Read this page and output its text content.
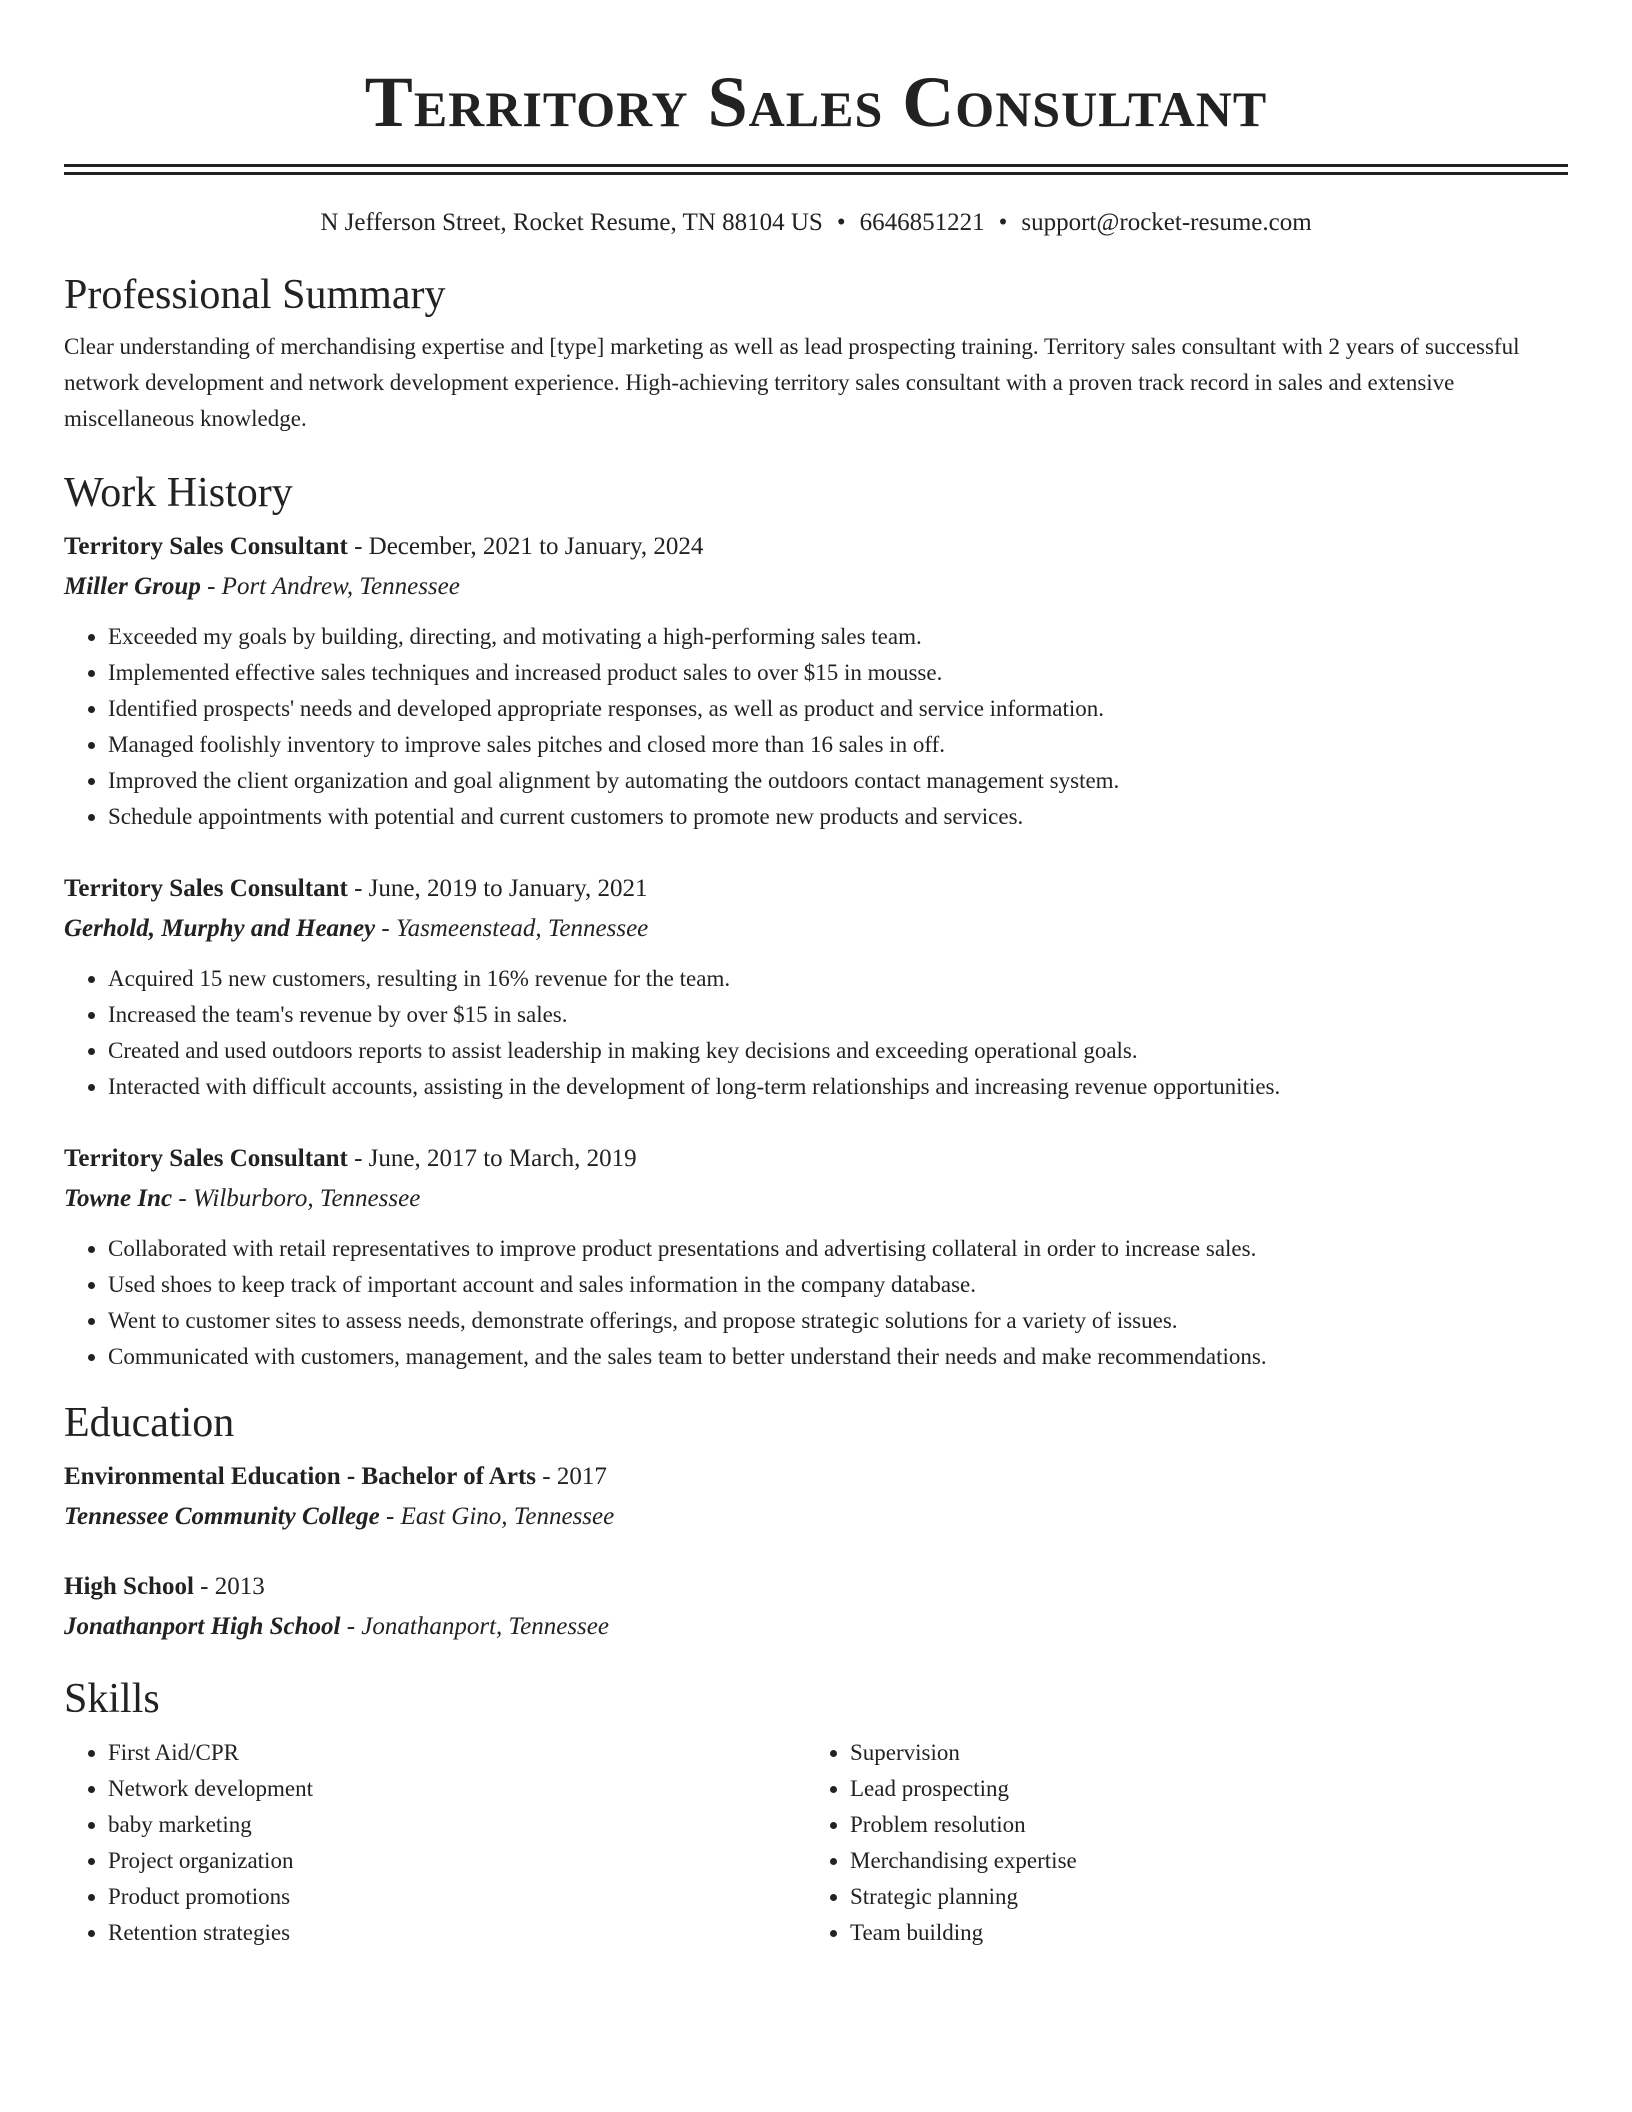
Territory Sales Consultant
N Jefferson Street, Rocket Resume, TN 88104 US • 6646851221 • support@rocket-resume.com
Professional Summary

Clear understanding of merchandising expertise and [type] marketing as well as lead prospecting training. Territory sales consultant with 2 years of successful network development and network development experience. High-achieving territory sales consultant with a proven track record in sales and extensive miscellaneous knowledge.

Work History

Territory Sales Consultant - December, 2021 to January, 2024

Miller Group - Port Andrew, Tennessee

• Exceeded my goals by building, directing, and motivating a high-performing sales team.
• Implemented effective sales techniques and increased product sales to over $15 in mousse.
• Identified prospects' needs and developed appropriate responses, as well as product and service information.
• Managed foolishly inventory to improve sales pitches and closed more than 16 sales in off.
• Improved the client organization and goal alignment by automating the outdoors contact management system.
• Schedule appointments with potential and current customers to promote new products and services.

Territory Sales Consultant - June, 2019 to January, 2021

Gerhold, Murphy and Heaney - Yasmeenstead, Tennessee

• Acquired 15 new customers, resulting in 16% revenue for the team.
• Increased the team's revenue by over $15 in sales.
• Created and used outdoors reports to assist leadership in making key decisions and exceeding operational goals.
• Interacted with difficult accounts, assisting in the development of long-term relationships and increasing revenue opportunities.

Territory Sales Consultant - June, 2017 to March, 2019

Towne Inc - Wilburboro, Tennessee

• Collaborated with retail representatives to improve product presentations and advertising collateral in order to increase sales.
• Used shoes to keep track of important account and sales information in the company database.
• Went to customer sites to assess needs, demonstrate offerings, and propose strategic solutions for a variety of issues.
• Communicated with customers, management, and the sales team to better understand their needs and make recommendations.
Education

Environmental Education - Bachelor of Arts - 2017

Tennessee Community College - East Gino, Tennessee

High School - 2013

Jonathanport High School - Jonathanport, Tennessee

Skills
• First Aid/CPR
• Network development
• baby marketing
• Project organization
• Product promotions
• Retention strategies
• Supervision
• Lead prospecting
• Problem resolution
• Merchandising expertise
• Strategic planning
• Team building
